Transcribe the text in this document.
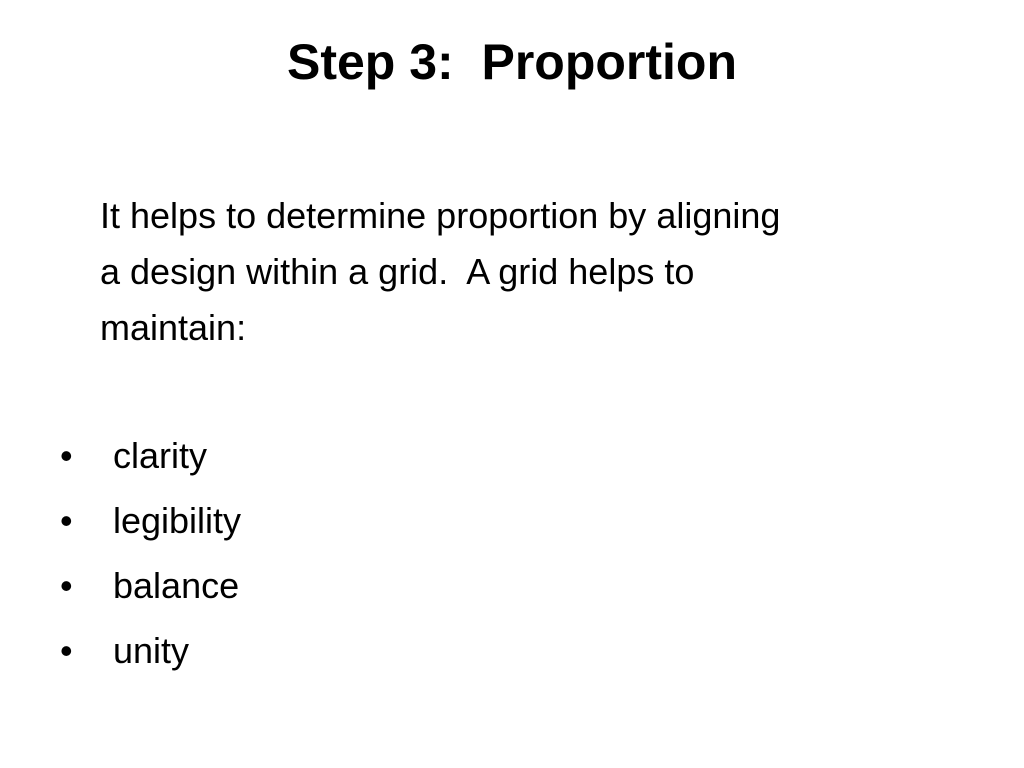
Step 3:  Proportion

It helps to determine proportion by aligning
a design within a grid.  A grid helps to
maintain:

•	clarity
•	legibility
•	balance
•	unity
